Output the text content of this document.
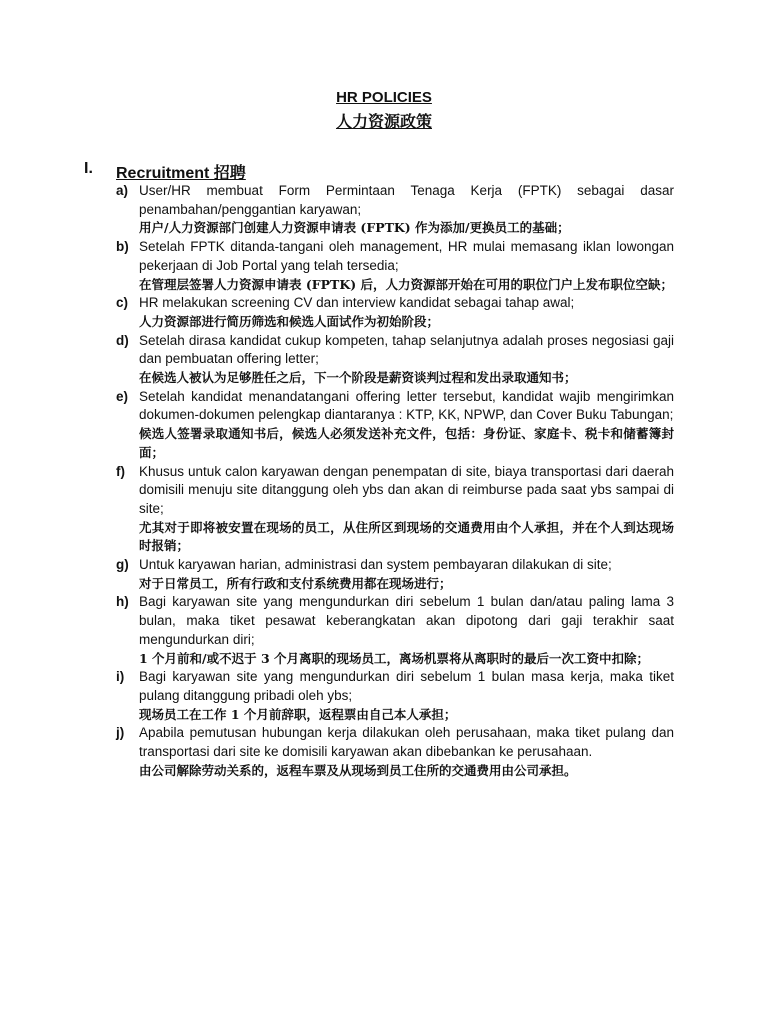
HR POLICIES
人力资源政策
I. Recruitment 招聘
a) User/HR membuat Form Permintaan Tenaga Kerja (FPTK) sebagai dasar penambahan/penggantian karyawan;
用户/人力资源部门创建人力资源申请表 (FPTK) 作为添加/更换员工的基础；
b) Setelah FPTK ditanda-tangani oleh management, HR mulai memasang iklan lowongan pekerjaan di Job Portal yang telah tersedia;
在管理层签署人力资源申请表 (FPTK) 后，人力资源部开始在可用的职位门户上发布职位空缺；
c) HR melakukan screening CV dan interview kandidat sebagai tahap awal;
人力资源部进行简历筛选和候选人面试作为初始阶段；
d) Setelah dirasa kandidat cukup kompeten, tahap selanjutnya adalah proses negosiasi gaji dan pembuatan offering letter;
在候选人被认为足够胜任之后，下一个阶段是薪资谈判过程和发出录取通知书；
e) Setelah kandidat menandatangani offering letter tersebut, kandidat wajib mengirimkan dokumen-dokumen pelengkap diantaranya : KTP, KK, NPWP, dan Cover Buku Tabungan;
候选人签署录取通知书后，候选人必须发送补充文件，包括：身份证、家庭卡、税卡和储蓄簿封面；
f)	Khusus untuk calon karyawan dengan penempatan di site, biaya transportasi dari daerah domisili menuju site ditanggung oleh ybs dan akan di reimburse pada saat ybs sampai di site;
尤其对于即将被安置在现场的员工，从住所区到现场的交通费用由个人承担，并在个人到达现场时报销；
g) Untuk karyawan harian, administrasi dan system pembayaran dilakukan di site;
对于日常员工，所有行政和支付系统费用都在现场进行；
h) Bagi karyawan site yang mengundurkan diri sebelum 1 bulan dan/atau paling lama 3 bulan, maka tiket pesawat keberangkatan akan dipotong dari gaji terakhir saat mengundurkan diri;
1 个月前和/或不迟于 3 个月离职的现场员工，离场机票将从离职时的最后一次工资中扣除；
i)	Bagi karyawan site yang mengundurkan diri sebelum 1 bulan masa kerja, maka tiket pulang ditanggung pribadi oleh ybs;
现场员工在工作 1 个月前辞职，返程票由自己本人承担；
j)	Apabila pemutusan hubungan kerja dilakukan oleh perusahaan, maka tiket pulang dan transportasi dari site ke domisili karyawan akan dibebankan ke perusahaan.
由公司解除劳动关系的，返程车票及从现场到员工住所的交通费用由公司承担。
